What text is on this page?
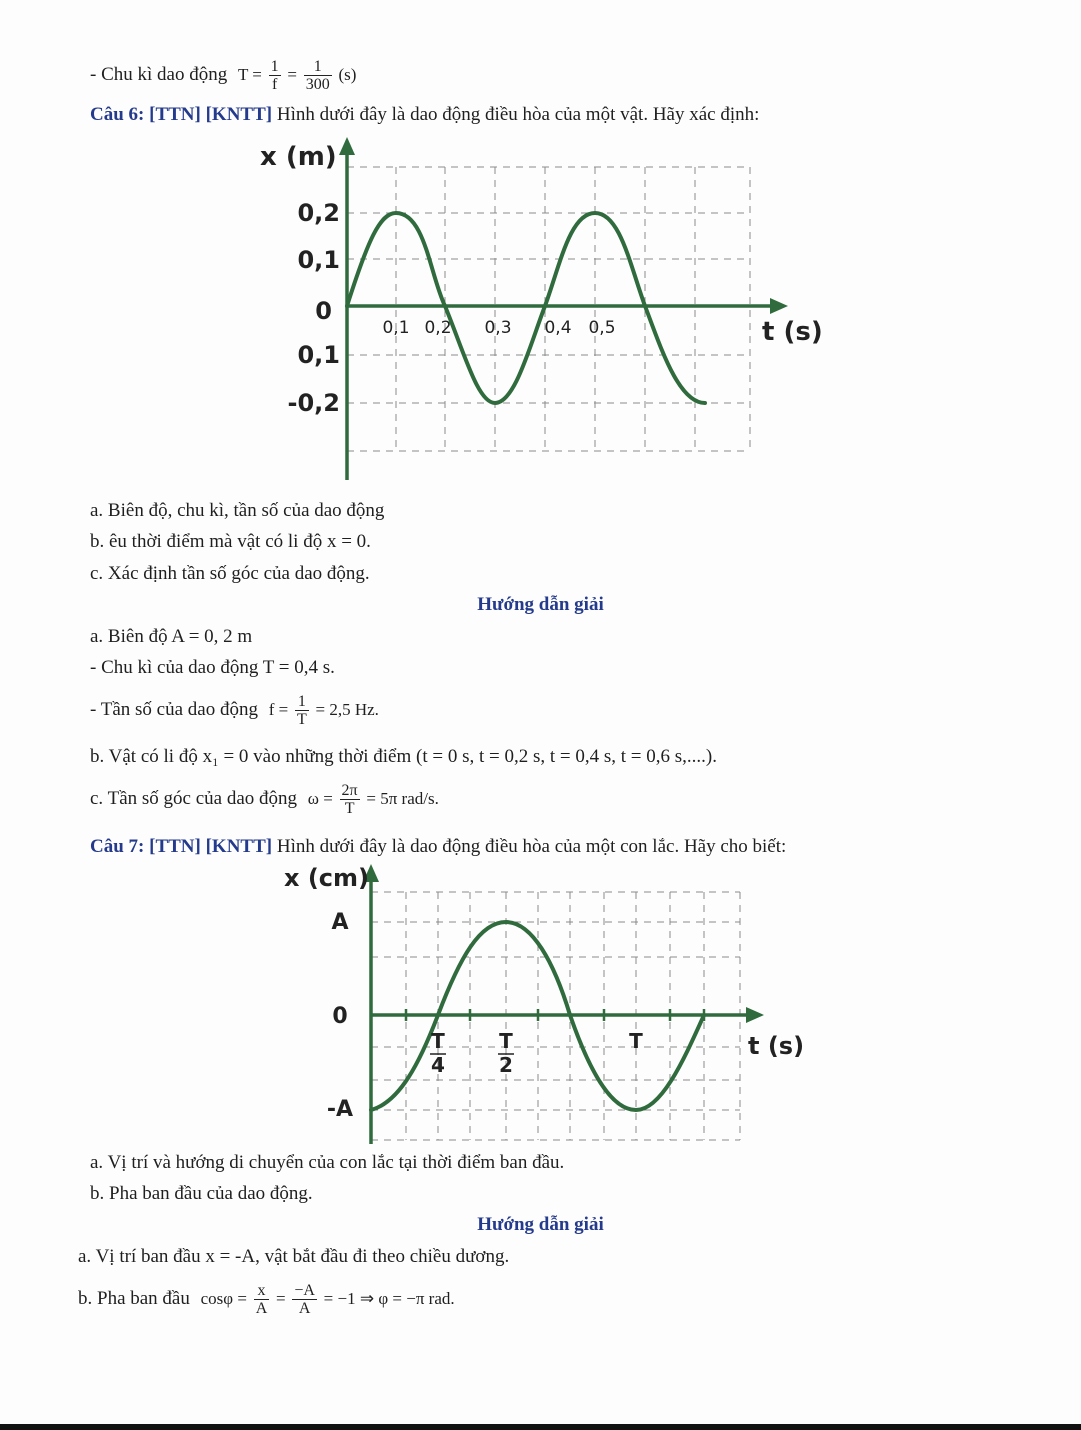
- Chu kì dao động $T = \frac{1}{f} = \frac{1}{300} (s)$
Câu 6: [TTN] [KNTT] Hình dưới đây là dao động điều hòa của một vật. Hãy xác định:
x (m)
t (s)
0,2
0,1
0
0,1
-0,2
0,1 0,2 0,3 0,4 0,5
a. Biên độ, chu kì, tần số của dao động
b. êu thời điểm mà vật có li độ x = 0.
c. Xác định tần số góc của dao động.
Hướng dẫn giải
a. Biên độ A = 0, 2 m
- Chu kì của dao động T = 0,4 s.
- Tần số của dao động $f = \frac{1}{T} = 2,5$ Hz.
b. Vật có li độ x₁ = 0 vào những thời điểm (t = 0 s, t = 0,2 s, t = 0,4 s, t = 0,6 s,....).
c. Tần số góc của dao động $\omega = \frac{2\pi}{T} = 5\pi$ rad/s.
Câu 7: [TTN] [KNTT] Hình dưới đây là dao động điều hòa của một con lắc. Hãy cho biết:
x (cm)
t (s)
A
0
-A
T
4
T
2
T
a. Vị trí và hướng di chuyển của con lắc tại thời điểm ban đầu.
b. Pha ban đầu của dao động.
Hướng dẫn giải
a. Vị trí ban đầu x = -A, vật bắt đầu đi theo chiều dương.
b. Pha ban đầu $\cos\varphi = \frac{x}{A} = \frac{-A}{A} = -1$ ⇒ φ = −π rad.
